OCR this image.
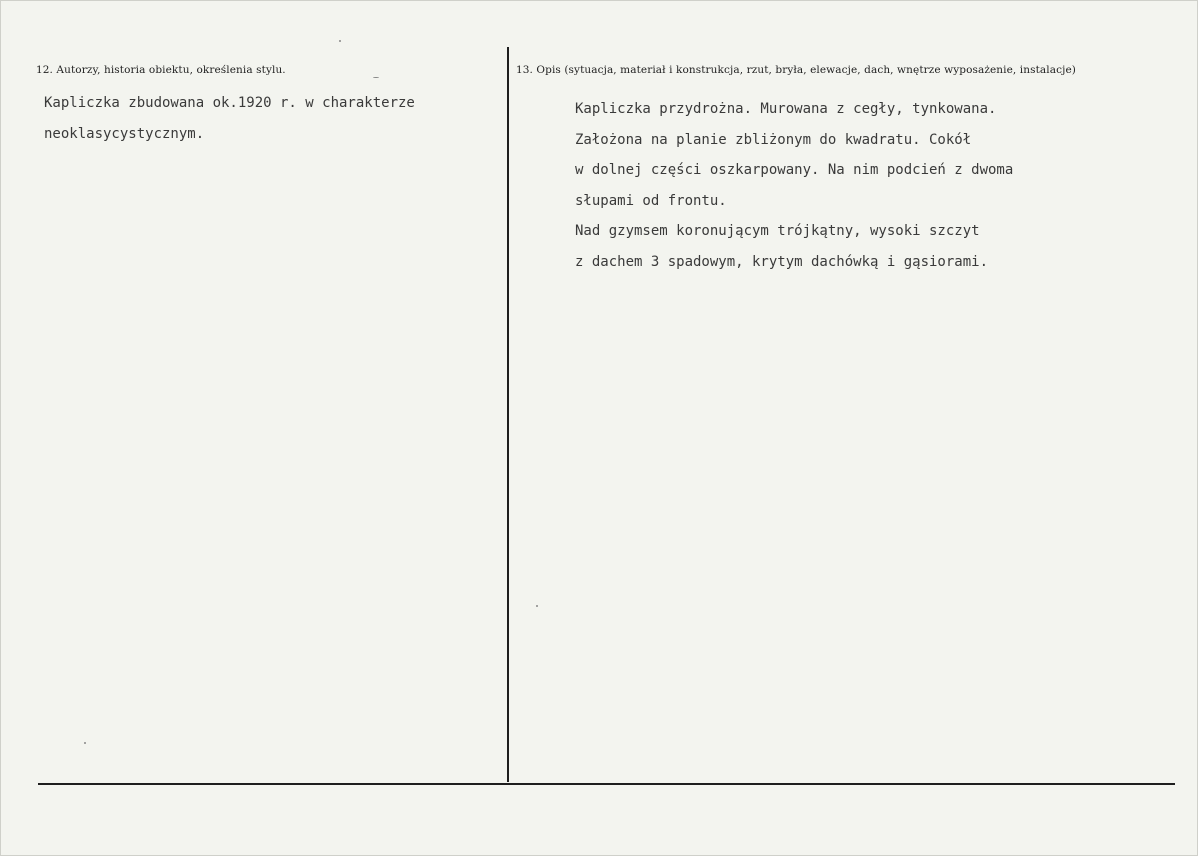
12. Autorzy, historia obiektu, określenia stylu.	13. Opis (sytuacja, materiał i konstrukcja, rzut, bryła, elewacje, dach, wnętrze wyposażenie, instalacje)
Kapliczka zbudowana ok.1920 r. w charakterze
neoklasycystycznym.
Kapliczka przydrożna. Murowana z cegły, tynkowana.
Założona na planie zbliżonym do kwadratu. Cokół
w dolnej części oszkarpowany. Na nim podcień z dwoma
słupami od frontu.
Nad gzymsem koronującym trójkątny, wysoki szczyt
z dachem 3 spadowym, krytym dachówką i gąsiorami.
